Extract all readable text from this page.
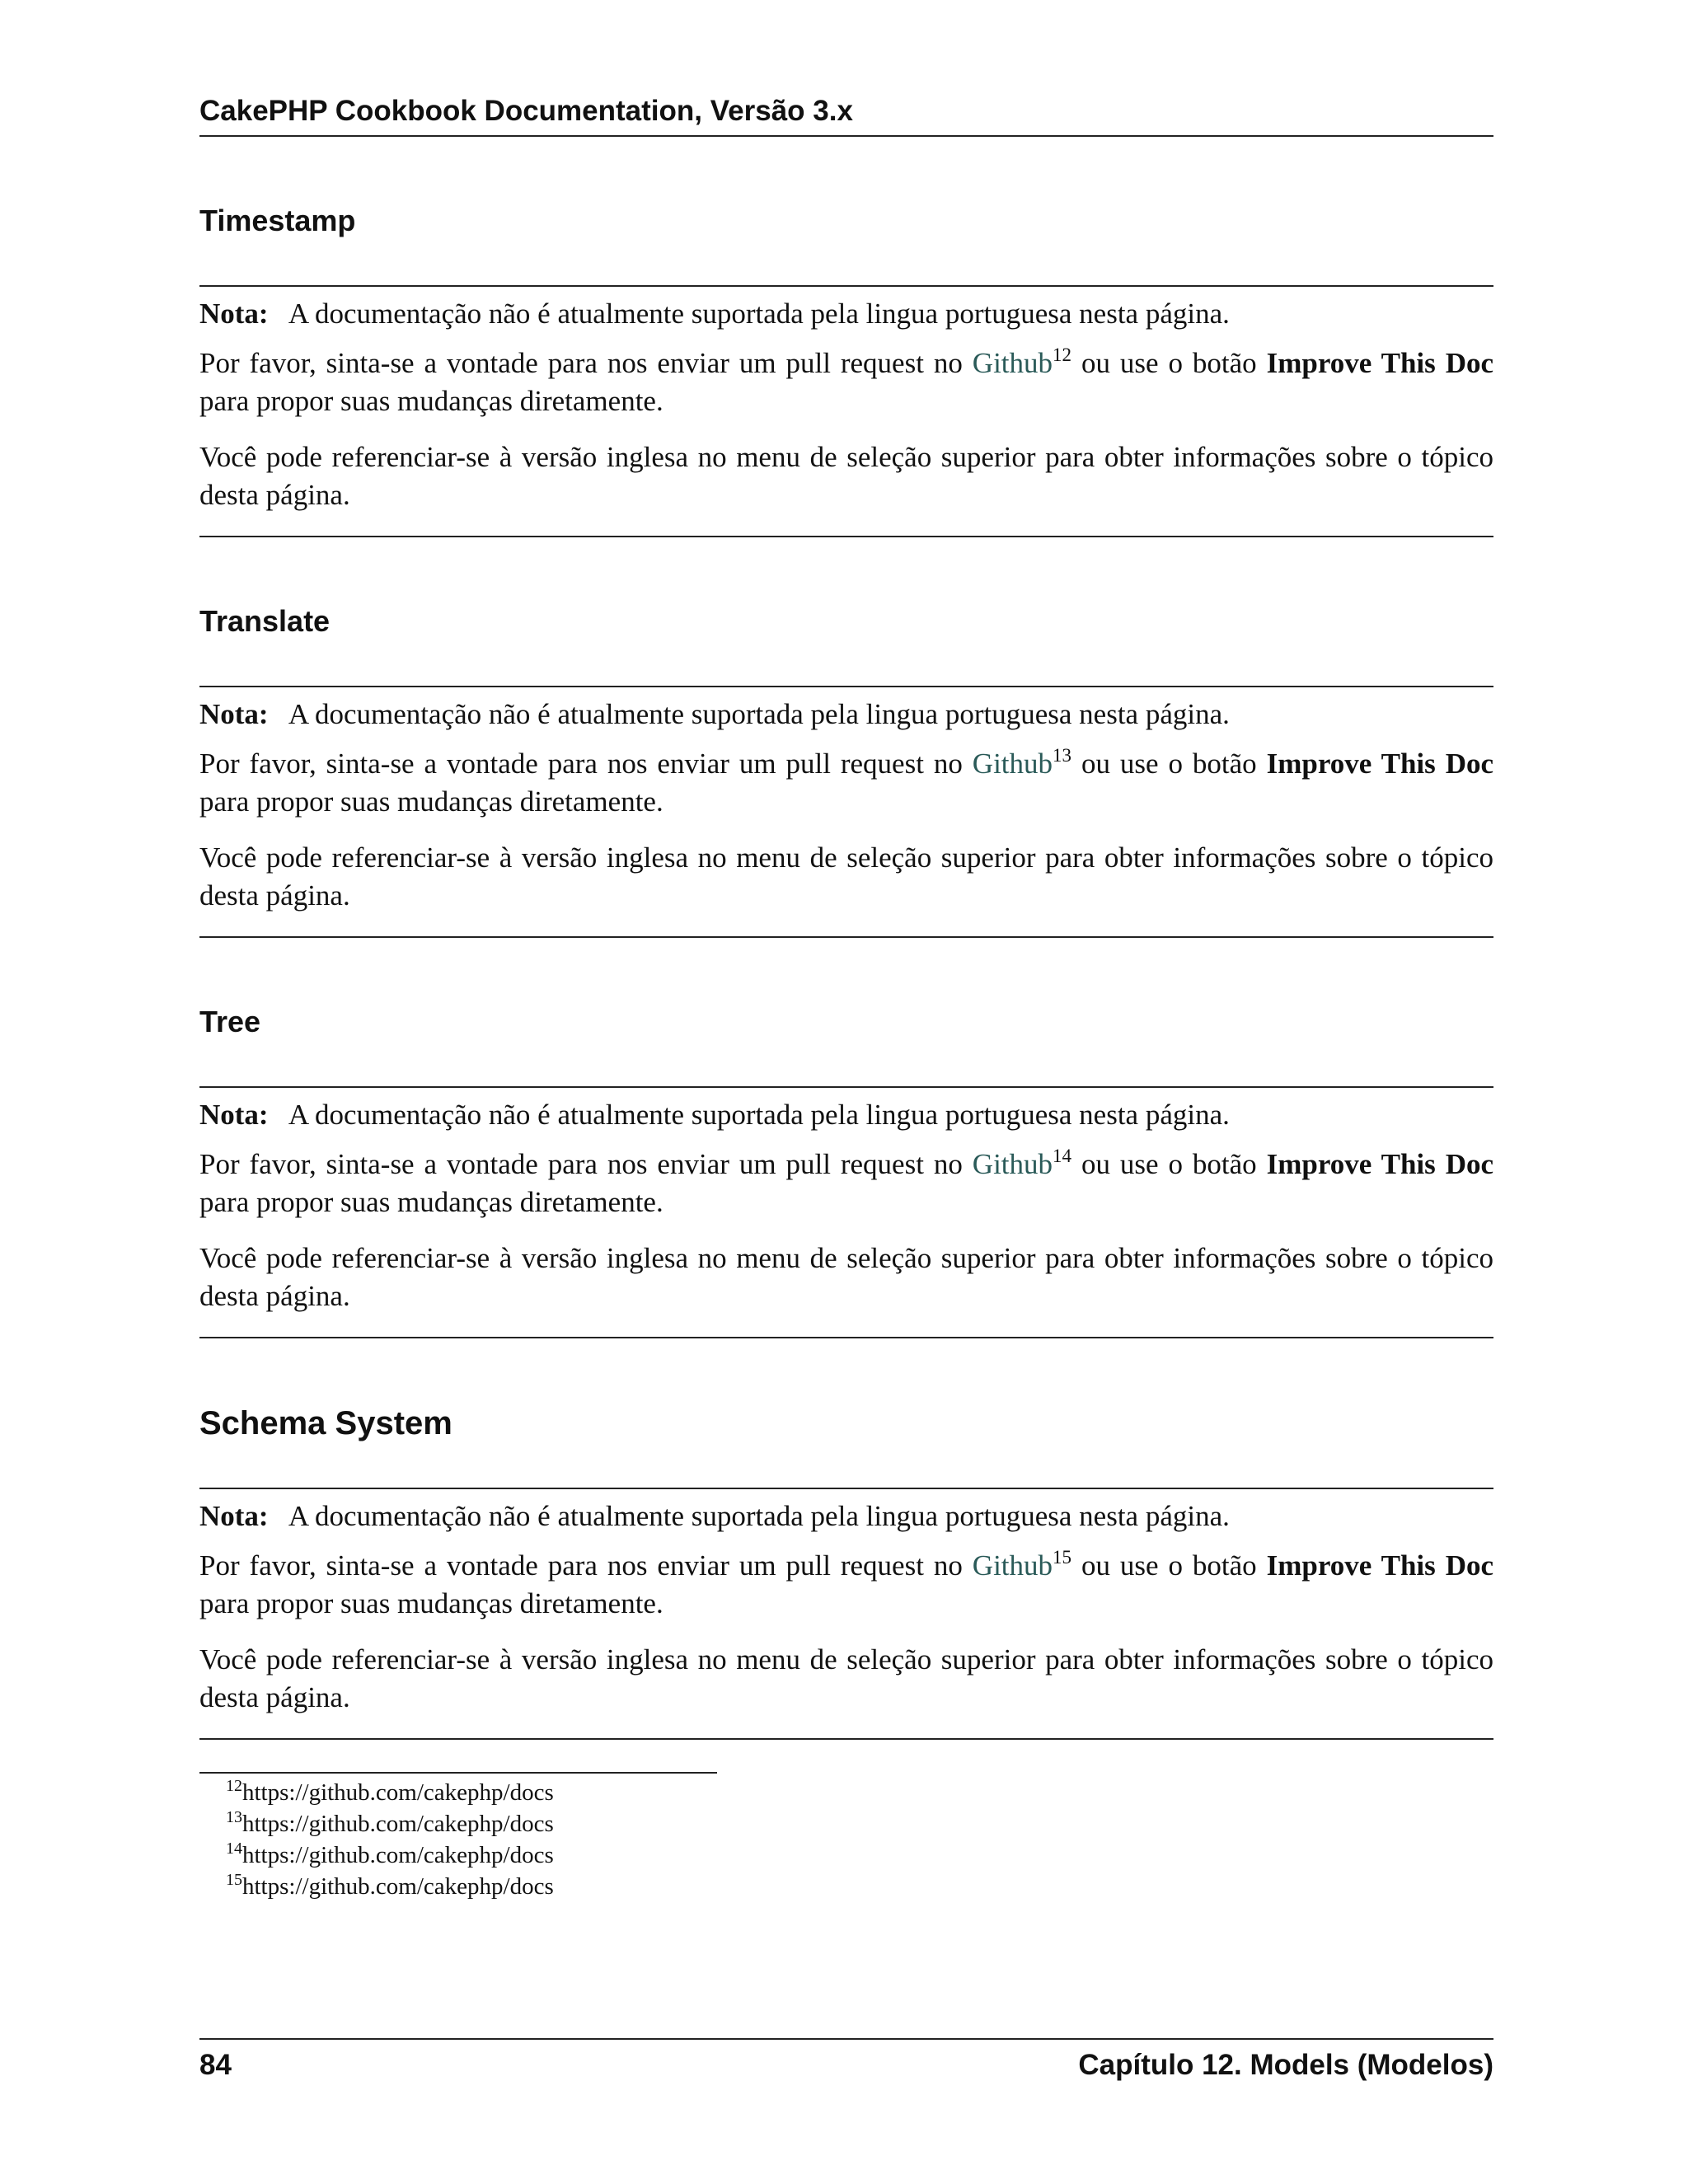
CakePHP Cookbook Documentation, Versão 3.x
Timestamp

Nota: A documentação não é atualmente suportada pela lingua portuguesa nesta página.

Por favor, sinta-se a vontade para nos enviar um pull request no Github$^{12}$ ou use o botão Improve This Doc para propor suas mudanças diretamente.

Você pode referenciar-se à versão inglesa no menu de seleção superior para obter informações sobre o tópico desta página.

Translate

Nota: A documentação não é atualmente suportada pela lingua portuguesa nesta página.

Por favor, sinta-se a vontade para nos enviar um pull request no Github$^{13}$ ou use o botão Improve This Doc para propor suas mudanças diretamente.

Você pode referenciar-se à versão inglesa no menu de seleção superior para obter informações sobre o tópico desta página.

Tree

Nota: A documentação não é atualmente suportada pela lingua portuguesa nesta página.

Por favor, sinta-se a vontade para nos enviar um pull request no Github$^{14}$ ou use o botão Improve This Doc para propor suas mudanças diretamente.

Você pode referenciar-se à versão inglesa no menu de seleção superior para obter informações sobre o tópico desta página.

Schema System

Nota: A documentação não é atualmente suportada pela lingua portuguesa nesta página.

Por favor, sinta-se a vontade para nos enviar um pull request no Github$^{15}$ ou use o botão Improve This Doc para propor suas mudanças diretamente.

Você pode referenciar-se à versão inglesa no menu de seleção superior para obter informações sobre o tópico desta página.

$^{12}$https://github.com/cakephp/docs
$^{13}$https://github.com/cakephp/docs
$^{14}$https://github.com/cakephp/docs
$^{15}$https://github.com/cakephp/docs
84	Capítulo 12. Models (Modelos)
